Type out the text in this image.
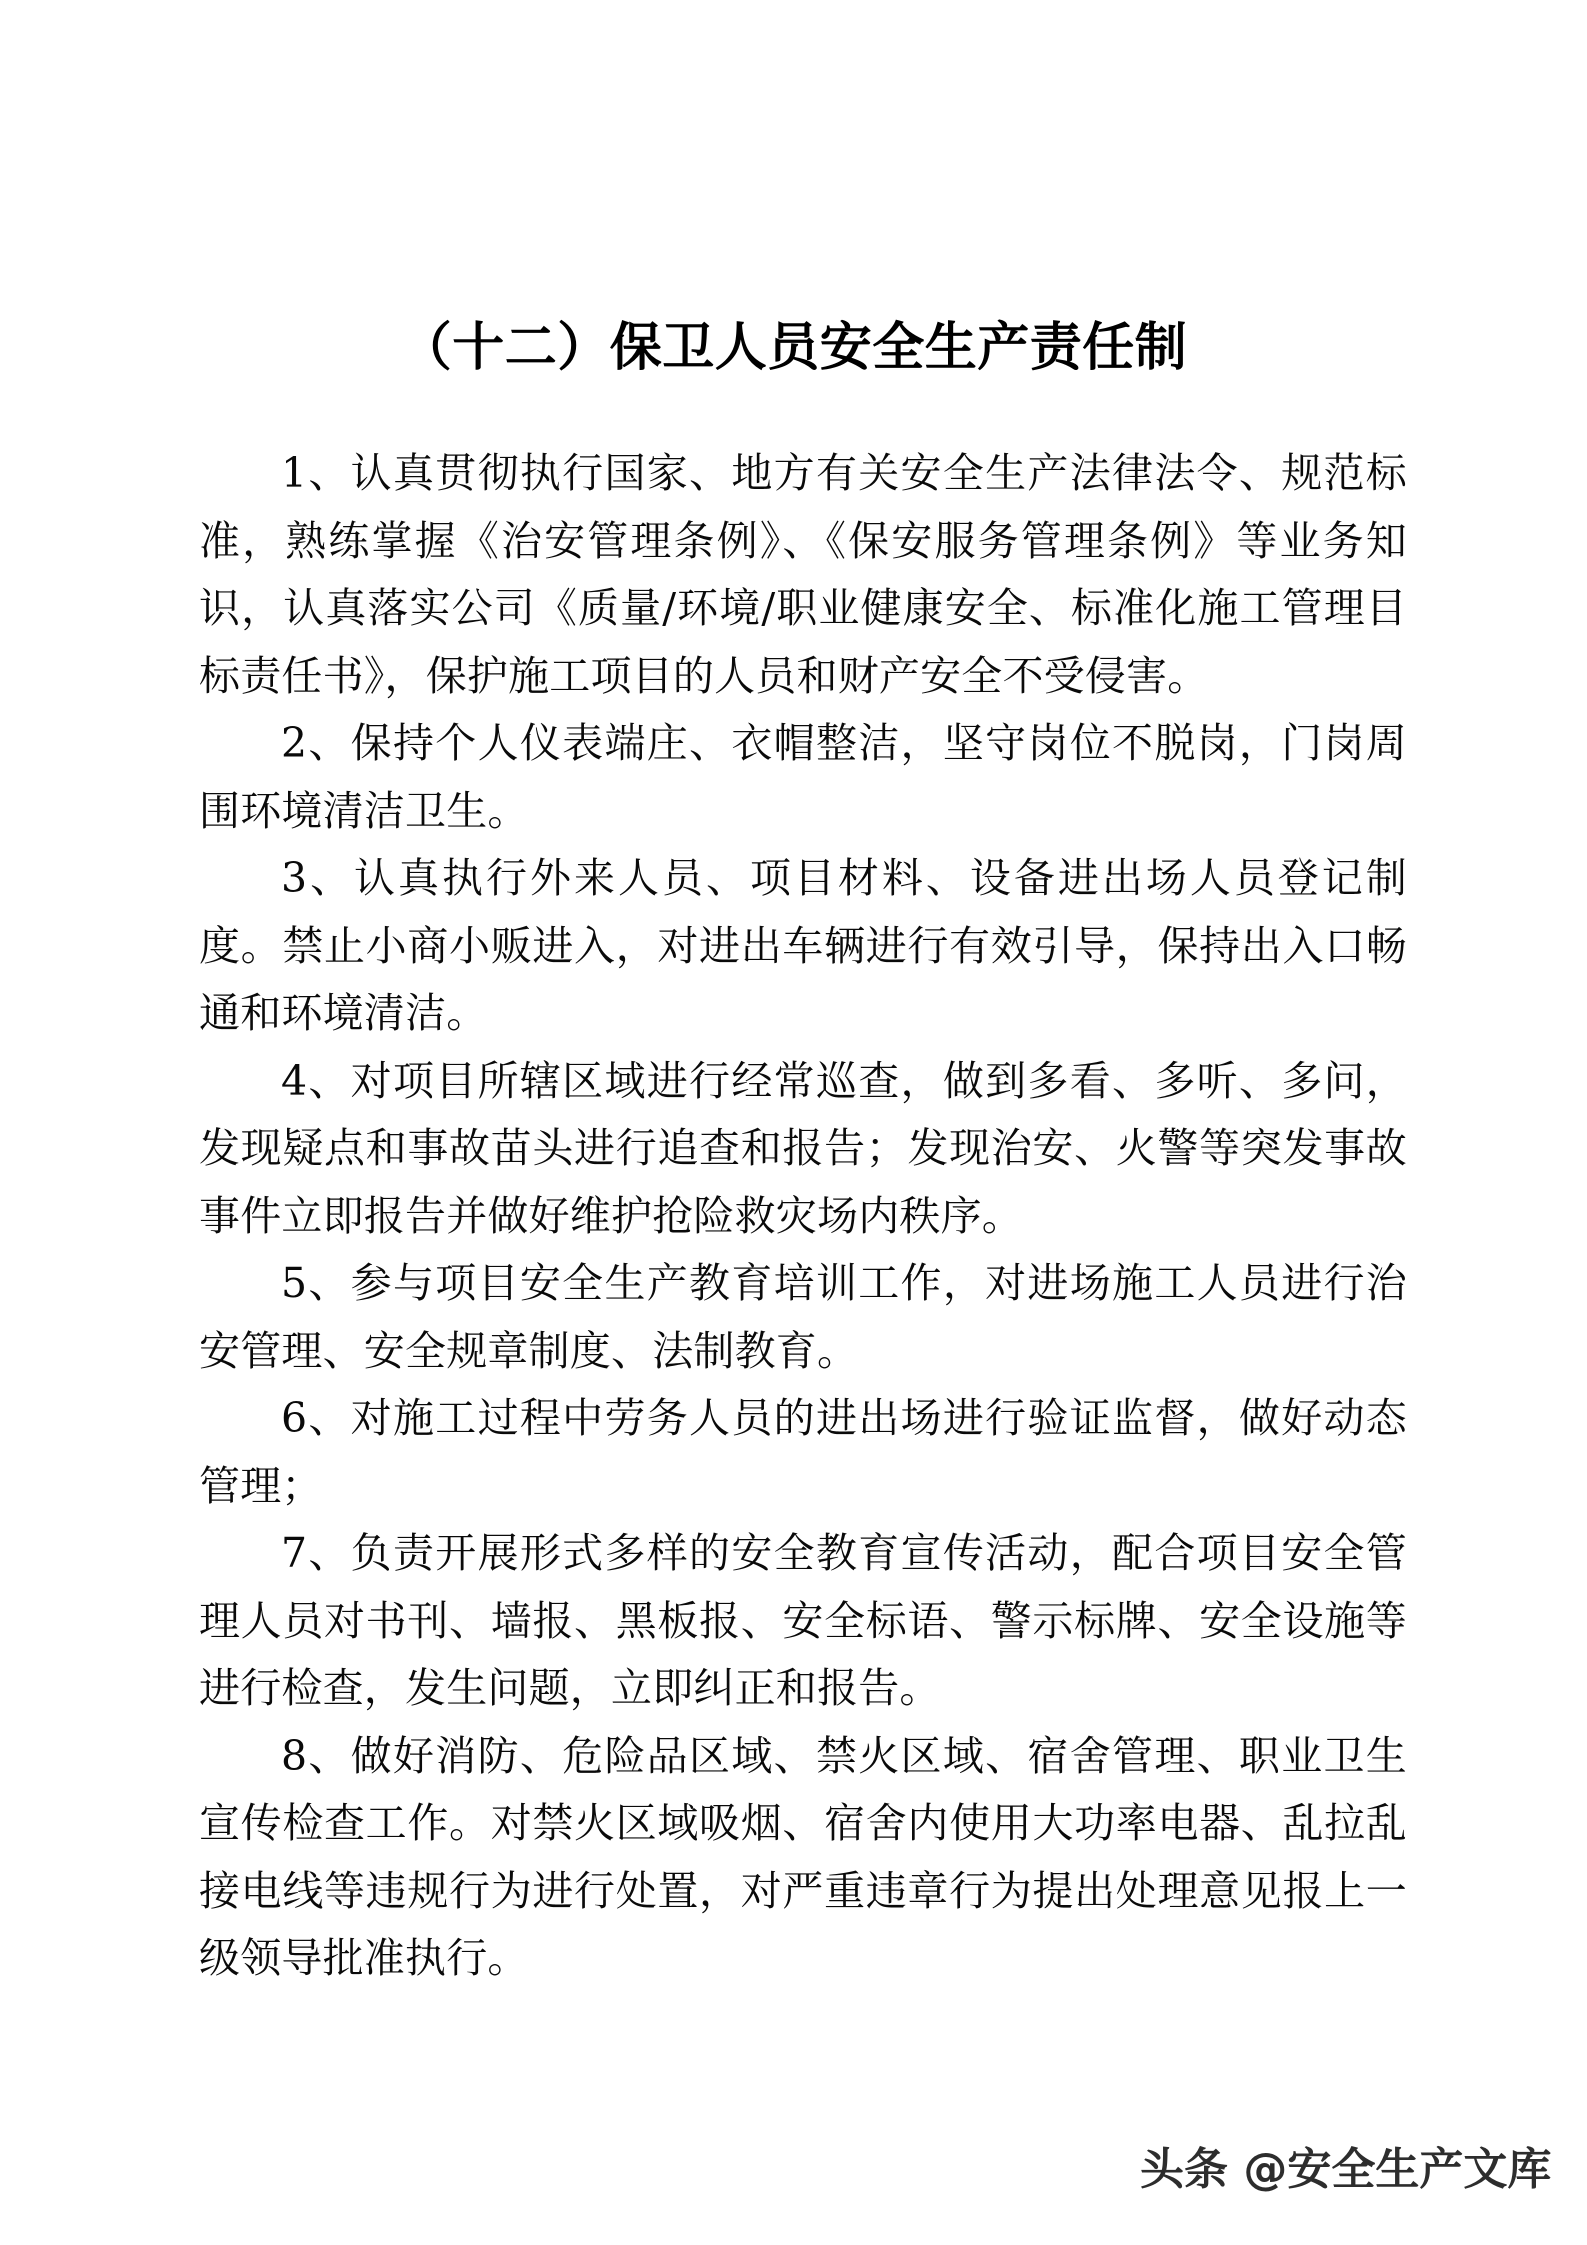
（十二）保卫人员安全生产责任制

1、认真贯彻执行国家、地方有关安全生产法律法令、规范标准，熟练掌握《治安管理条例》、《保安服务管理条例》等业务知识，认真落实公司《质量/环境/职业健康安全、标准化施工管理目标责任书》，保护施工项目的人员和财产安全不受侵害。

2、保持个人仪表端庄、衣帽整洁，坚守岗位不脱岗，门岗周围环境清洁卫生。

3、认真执行外来人员、项目材料、设备进出场人员登记制度。禁止小商小贩进入，对进出车辆进行有效引导，保持出入口畅通和环境清洁。

4、对项目所辖区域进行经常巡查，做到多看、多听、多问，发现疑点和事故苗头进行追查和报告；发现治安、火警等突发事故事件立即报告并做好维护抢险救灾场内秩序。

5、参与项目安全生产教育培训工作，对进场施工人员进行治安管理、安全规章制度、法制教育。

6、对施工过程中劳务人员的进出场进行验证监督，做好动态管理；

7、负责开展形式多样的安全教育宣传活动，配合项目安全管理人员对书刊、墙报、黑板报、安全标语、警示标牌、安全设施等进行检查，发生问题，立即纠正和报告。

8、做好消防、危险品区域、禁火区域、宿舍管理、职业卫生宣传检查工作。对禁火区域吸烟、宿舍内使用大功率电器、乱拉乱接电线等违规行为进行处置，对严重违章行为提出处理意见报上一级领导批准执行。

头条 @安全生产文库
